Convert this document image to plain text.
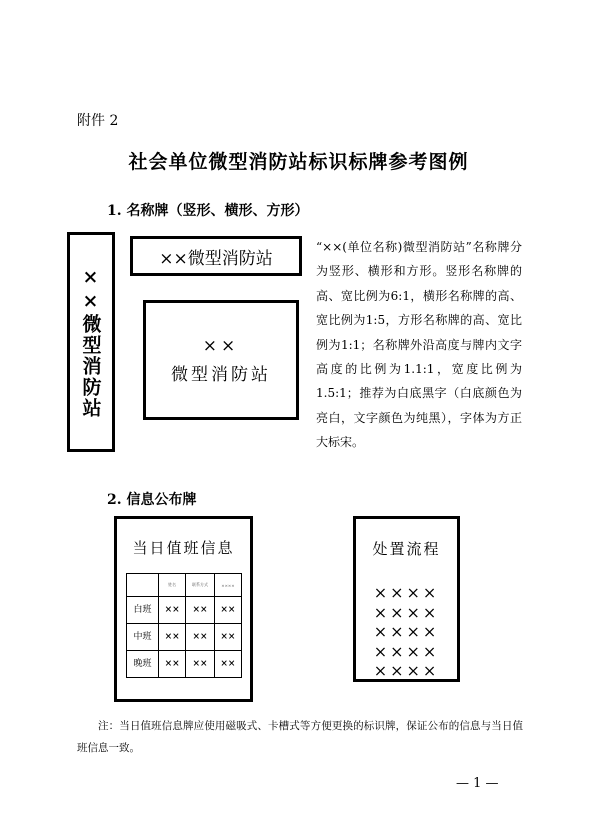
附件 2
社会单位微型消防站标识标牌参考图例
1. 名称牌（竖形、横形、方形）
××微型消防站
××微型消防站
××
微型消防站

“××(单位名称)微型消防站”名称牌分为竖形、横形和方形。竖形名称牌的高、宽比例为6:1，横形名称牌的高、宽比例为1:5，方形名称牌的高、宽比例为1:1；名称牌外沿高度与牌内文字高度的比例为1.1:1，宽度比例为1.5:1；推荐为白底黑字（白底颜色为亮白，文字颜色为纯黑），字体为方正大标宋。

2. 信息公布牌
当日值班信息
	姓名	联系方式	××××
白班	××	××	××
中班	××	××	××
晚班	××	××	××
处置流程
××××
××××
××××
××××
××××
注：当日值班信息牌应使用磁吸式、卡槽式等方便更换的标识牌，保证公布的信息与当日值班信息一致。
— 1 —
